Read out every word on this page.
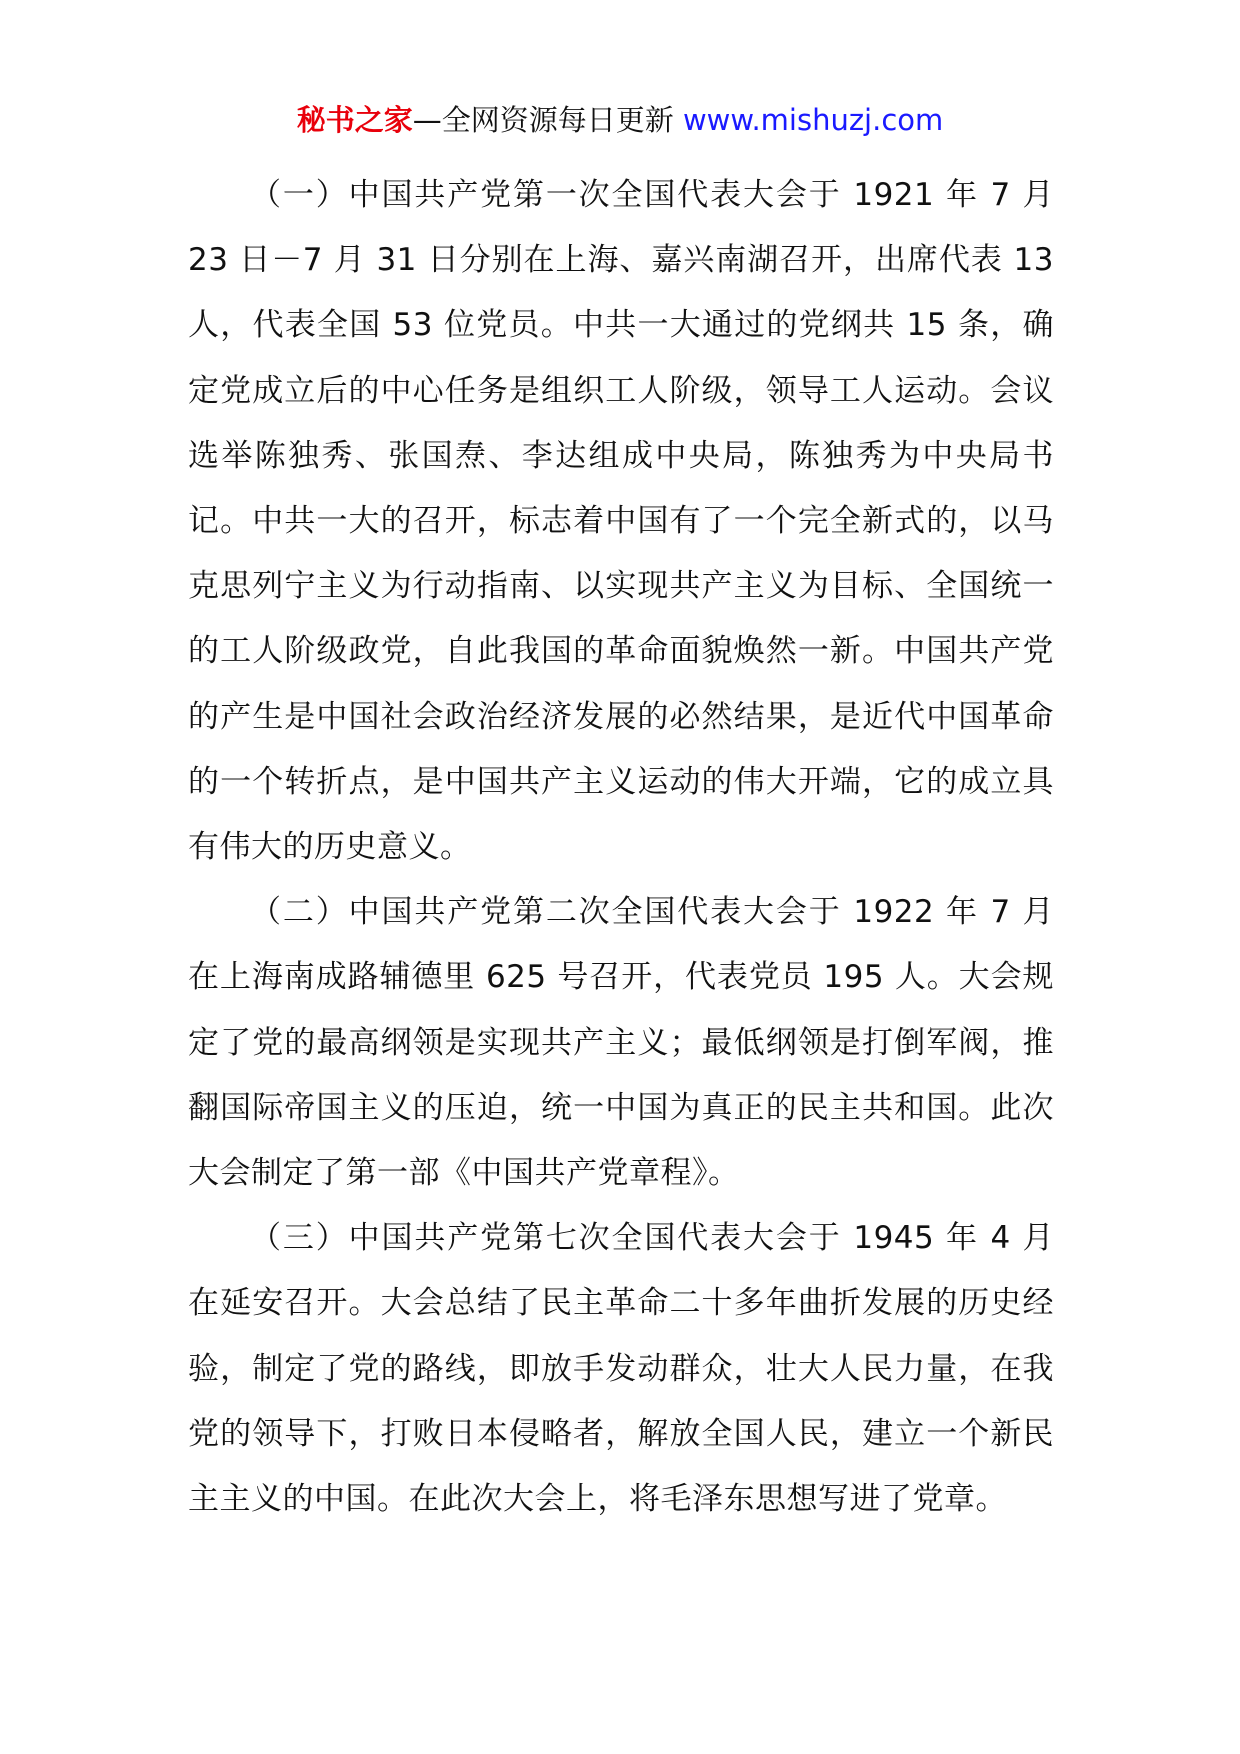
秘书之家—全网资源每日更新 www.mishuzj.com

（一）中国共产党第一次全国代表大会于 1921 年 7 月 23 日－7 月 31 日分别在上海、嘉兴南湖召开，出席代表 13 人，代表全国 53 位党员。中共一大通过的党纲共 15 条，确定党成立后的中心任务是组织工人阶级，领导工人运动。会议选举陈独秀、张国焘、李达组成中央局，陈独秀为中央局书记。中共一大的召开，标志着中国有了一个完全新式的，以马克思列宁主义为行动指南、以实现共产主义为目标、全国统一的工人阶级政党，自此我国的革命面貌焕然一新。中国共产党的产生是中国社会政治经济发展的必然结果，是近代中国革命的一个转折点，是中国共产主义运动的伟大开端，它的成立具有伟大的历史意义。

（二）中国共产党第二次全国代表大会于 1922 年 7 月在上海南成路辅德里 625 号召开，代表党员 195 人。大会规定了党的最高纲领是实现共产主义；最低纲领是打倒军阀，推翻国际帝国主义的压迫，统一中国为真正的民主共和国。此次大会制定了第一部《中国共产党章程》。

（三）中国共产党第七次全国代表大会于 1945 年 4 月在延安召开。大会总结了民主革命二十多年曲折发展的历史经验，制定了党的路线，即放手发动群众，壮大人民力量，在我党的领导下，打败日本侵略者，解放全国人民，建立一个新民主主义的中国。在此次大会上，将毛泽东思想写进了党章。
